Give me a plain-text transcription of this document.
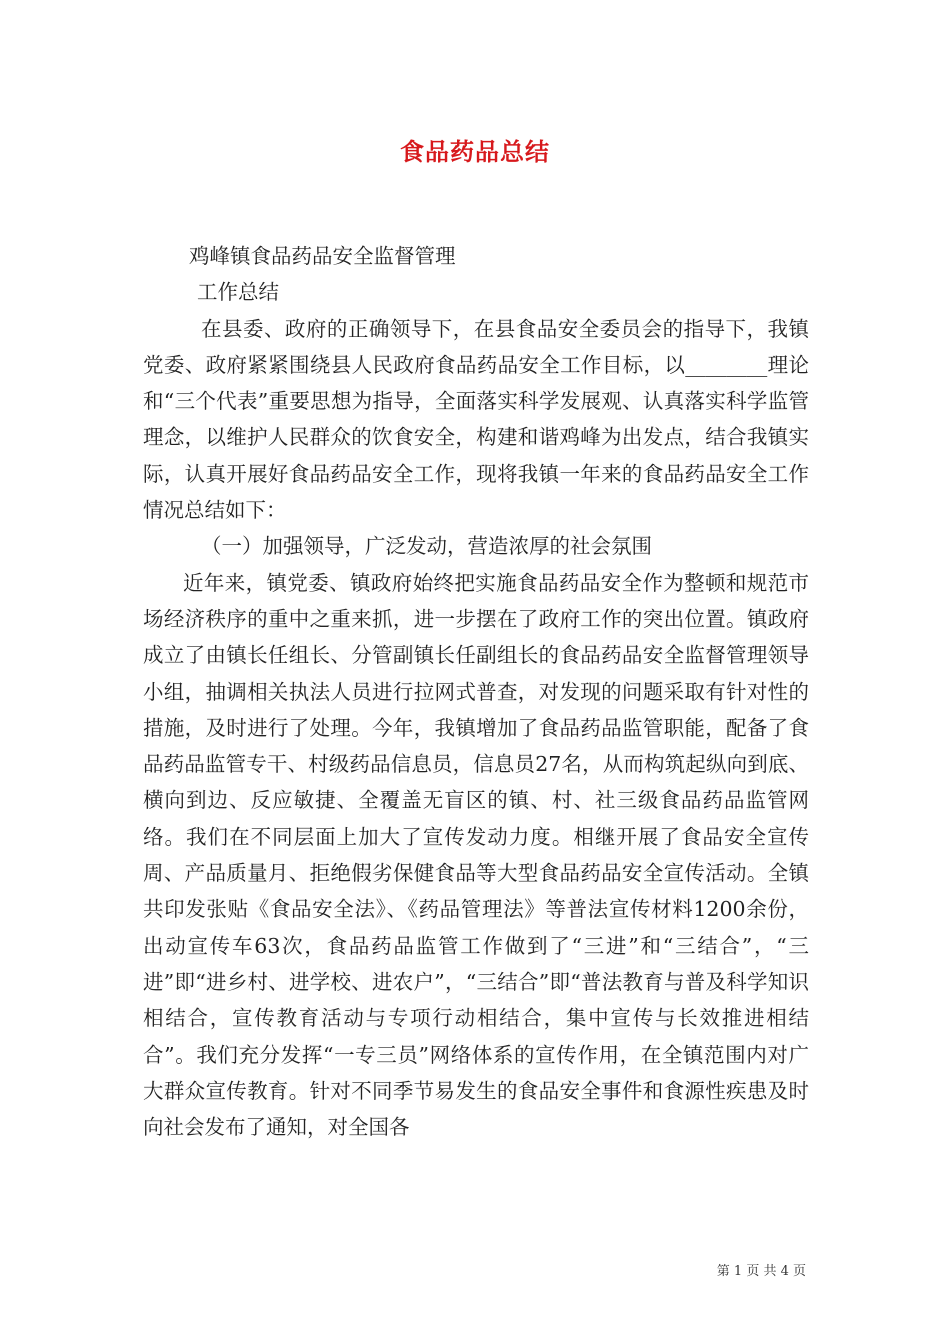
食品药品总结

鸡峰镇食品药品安全监督管理

工作总结

在县委、政府的正确领导下，在县食品安全委员会的指导下，我镇党委、政府紧紧围绕县人民政府食品药品安全工作目标，以________理论和“三个代表”重要思想为指导，全面落实科学发展观、认真落实科学监管理念，以维护人民群众的饮食安全，构建和谐鸡峰为出发点，结合我镇实际，认真开展好食品药品安全工作，现将我镇一年来的食品药品安全工作情况总结如下：

（一）加强领导，广泛发动，营造浓厚的社会氛围

近年来，镇党委、镇政府始终把实施食品药品安全作为整顿和规范市场经济秩序的重中之重来抓，进一步摆在了政府工作的突出位置。镇政府成立了由镇长任组长、分管副镇长任副组长的食品药品安全监督管理领导小组，抽调相关执法人员进行拉网式普查，对发现的问题采取有针对性的措施，及时进行了处理。今年，我镇增加了食品药品监管职能，配备了食品药品监管专干、村级药品信息员，信息员27名，从而构筑起纵向到底、横向到边、反应敏捷、全覆盖无盲区的镇、村、社三级食品药品监管网络。我们在不同层面上加大了宣传发动力度。相继开展了食品安全宣传周、产品质量月、拒绝假劣保健食品等大型食品药品安全宣传活动。全镇共印发张贴《食品安全法》、《药品管理法》等普法宣传材料1200余份，出动宣传车63次，食品药品监管工作做到了“三进”和“三结合”，“三进”即“进乡村、进学校、进农户”，“三结合”即“普法教育与普及科学知识相结合，宣传教育活动与专项行动相结合，集中宣传与长效推进相结合”。我们充分发挥“一专三员”网络体系的宣传作用，在全镇范围内对广大群众宣传教育。针对不同季节易发生的食品安全事件和食源性疾患及时向社会发布了通知，对全国各

第 1 页 共 4 页
